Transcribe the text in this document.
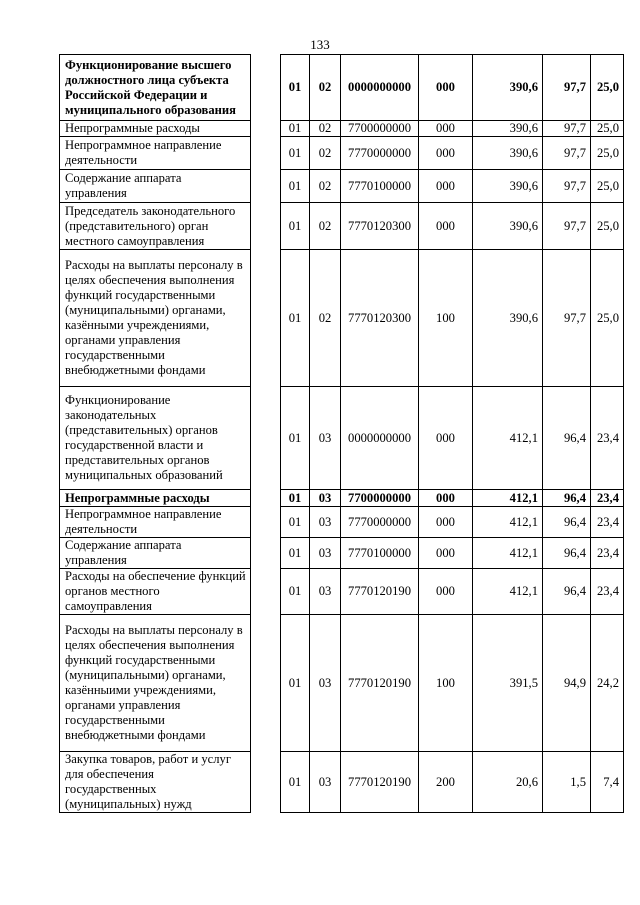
133
Функционирование высшего должностного лица субъекта Российской Федерации и муниципального образования		01	02	0000000000	000	390,6	97,7	25,0
Непрограммные расходы		01	02	7700000000	000	390,6	97,7	25,0
Непрограммное направление деятельности		01	02	7770000000	000	390,6	97,7	25,0
Содержание аппарата управления		01	02	7770100000	000	390,6	97,7	25,0
Председатель законодательного (представительного) орган местного самоуправления		01	02	7770120300	000	390,6	97,7	25,0
Расходы на выплаты персоналу в целях обеспечения выполнения функций государственными (муниципальными) органами, казёнными учреждениями, органами управления государственными внебюджетными фондами		01	02	7770120300	100	390,6	97,7	25,0
Функционирование законодательных (представительных) органов государственной власти и представительных органов муниципальных образований		01	03	0000000000	000	412,1	96,4	23,4
Непрограммные расходы		01	03	7700000000	000	412,1	96,4	23,4
Непрограммное направление деятельности		01	03	7770000000	000	412,1	96,4	23,4
Содержание аппарата управления		01	03	7770100000	000	412,1	96,4	23,4
Расходы на обеспечение функций органов местного самоуправления		01	03	7770120190	000	412,1	96,4	23,4
Расходы на выплаты персоналу в целях обеспечения выполнения функций государственными (муниципальными) органами, казённыими учреждениями, органами управления государственными внебюджетными фондами		01	03	7770120190	100	391,5	94,9	24,2
Закупка товаров, работ и услуг для обеспечения государственных (муниципальных) нужд		01	03	7770120190	200	20,6	1,5	7,4
